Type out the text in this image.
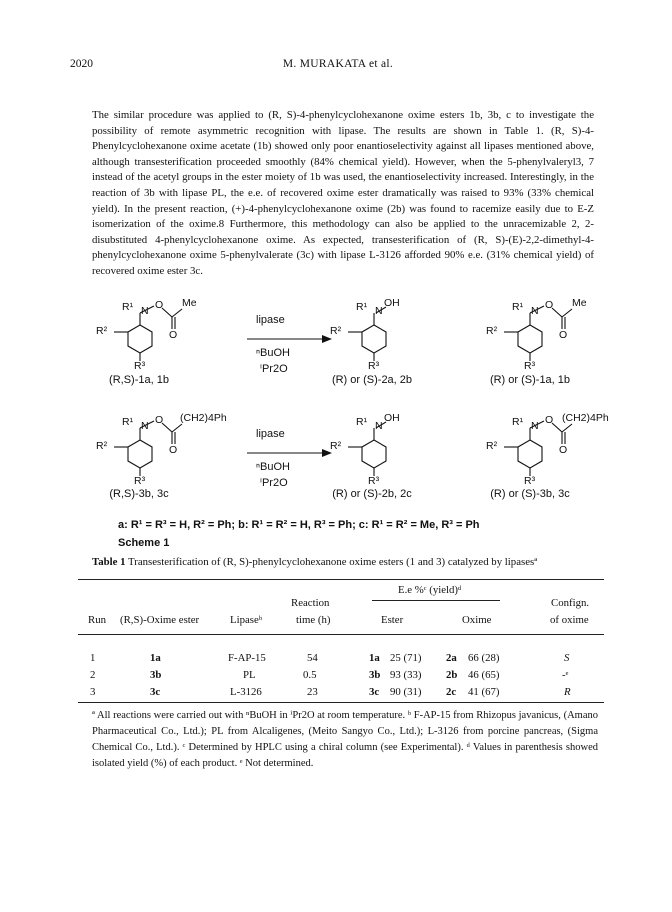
2020	M. MURAKATA et al.
The similar procedure was applied to (R, S)-4-phenylcyclohexanone oxime esters 1b, 3b, c to investigate the possibility of remote asymmetric recognition with lipase. The results are shown in Table 1. (R, S)-4-Phenylcyclohexanone oxime acetate (1b) showed only poor enantioselectivity against all lipases mentioned above, although transesterification proceeded smoothly (84% chemical yield). However, when the 5-phenylvaleryl3, 7 instead of the acetyl groups in the ester moiety of 1b was used, the enantioselectivity increased. Interestingly, in the reaction of 3b with lipase PL, the e.e. of recovered oxime ester dramatically was raised to 93% (33% chemical yield). In the present reaction, (+)-4-phenylcyclohexanone oxime (2b) was found to racemize easily due to E-Z isomerization of the oxime.8 Furthermore, this methodology can also be applied to the unracemizable 2, 2-disubstituted 4-phenylcyclohexanone oxime. As expected, transesterification of (R, S)-(E)-2,2-dimethyl-4-phenylcyclohexanone oxime 5-phenylvalerate (3c) with lipase L-3126 afforded 90% e.e. (31% chemical yield) of recovered oxime ester 3c.
R¹ N O Me
O
R²
R³
lipase
ⁿBuOH
ⁱPr2O
R¹ N
OH
R²
R³
R¹ N O Me
O
R²
R³
(R,S)-1a, 1b	(R) or (S)-2a, 2b	(R) or (S)-1a, 1b
R¹ N O (CH2)4Ph
O
R²
R³
lipase
ⁿBuOH
ⁱPr2O
R¹ N
OH
R²
R³
R¹ N O (CH2)4Ph
O
R²
R³
(R,S)-3b, 3c	(R) or (S)-2b, 2c	(R) or (S)-3b, 3c
a: R¹ = R³ = H, R² = Ph; b: R¹ = R² = H, R³ = Ph; c: R¹ = R² = Me, R³ = Ph
Scheme 1
Table 1 Transesterification of (R, S)-phenylcyclohexanone oxime esters (1 and 3) catalyzed by lipasesª
E.e %ᶜ (yield)ᵈ
Reaction	Confign.
Run (R,S)-Oxime ester	Lipaseᵇ	time (h)	Ester	Oxime	of oxime
1	1a	F-AP-15	54	1a 25 (71) 2a 66 (28)	S
2	3b	PL	0.5	3b 93 (33) 2b 46 (65)	-ᵉ
3	3c	L-3126	23	3c 90 (31) 2c 41 (67)	R
ª All reactions were carried out with ⁿBuOH in ⁱPr2O at room temperature. ᵇ F-AP-15 from Rhizopus javanicus, (Amano Pharmaceutical Co., Ltd.); PL from Alcaligenes, (Meito Sangyo Co., Ltd.); L-3126 from porcine pancreas, (Sigma Chemical Co., Ltd.). ᶜ Determined by HPLC using a chiral column (see Experimental). ᵈ Values in parenthesis showed isolated yield (%) of each product. ᵉ Not determined.
